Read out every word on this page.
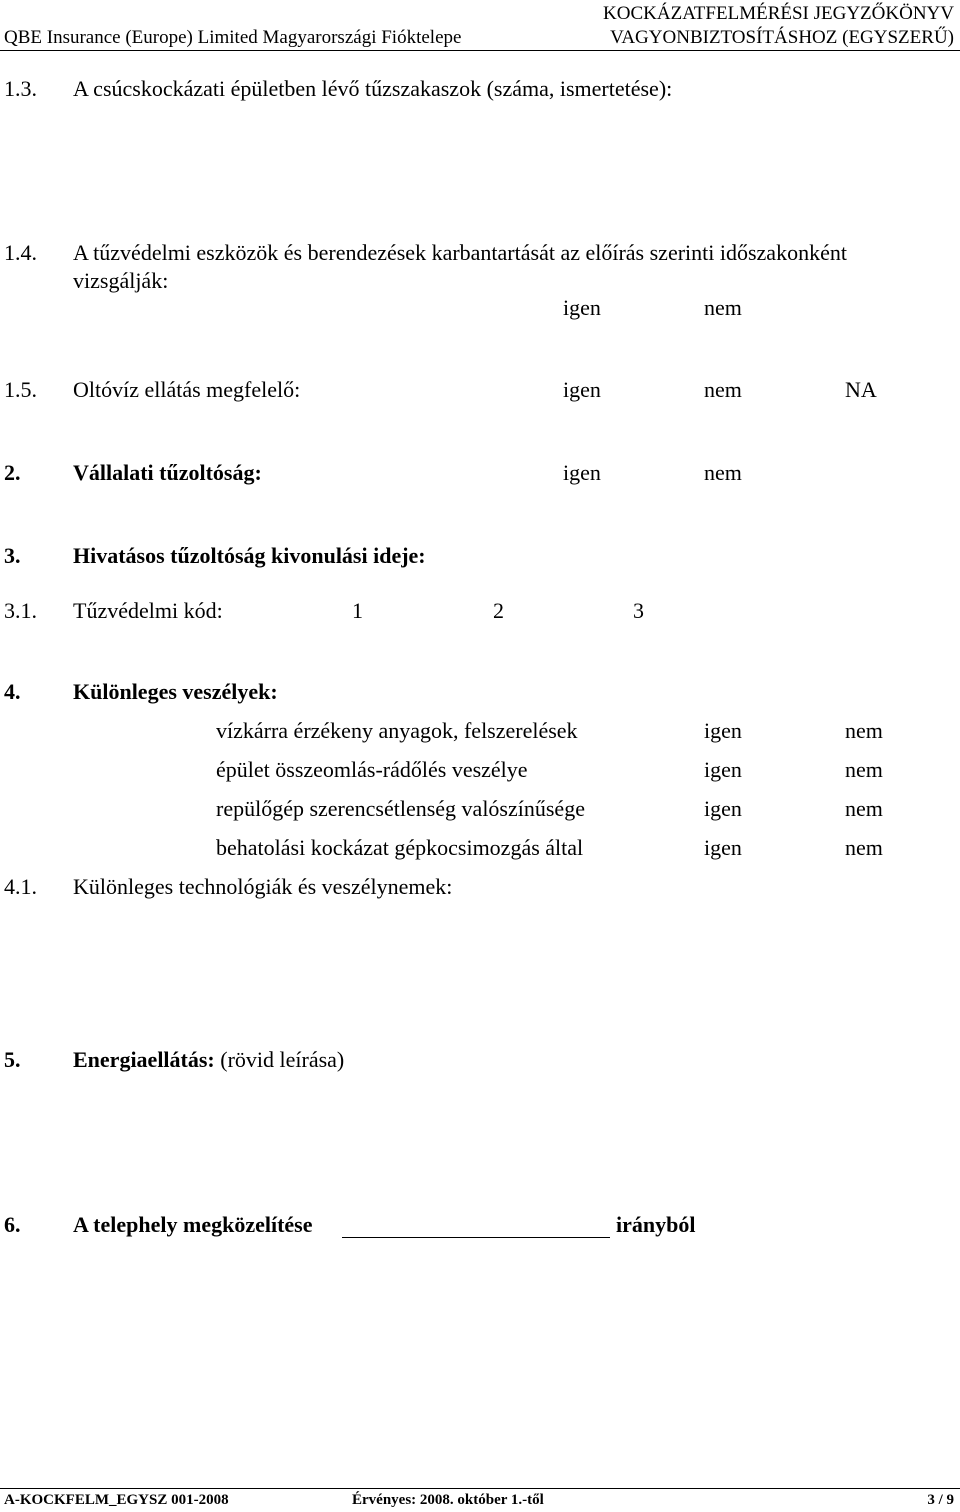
QBE Insurance (Europe) Limited Magyarországi Fióktelepe
KOCKÁZATFELMÉRÉSI JEGYZŐKÖNYV
VAGYONBIZTOSÍTÁSHOZ (EGYSZERŰ)
1.3. A csúcskockázati épületben lévő tűzszakaszok (száma, ismertetése):
1.4. A tűzvédelmi eszközök és berendezések karbantartását az előírás szerinti időszakonként
vizsgálják:
igen	nem
1.5. Oltóvíz ellátás megfelelő:	igen	nem	NA
2. Vállalati tűzoltóság:	igen	nem
3. Hivatásos tűzoltóság kivonulási ideje:
3.1. Tűzvédelmi kód:	1	2	3
4. Különleges veszélyek:
vízkárra érzékeny anyagok, felszerelések	igen	nem
épület összeomlás-rádőlés veszélye	igen	nem
repülőgép szerencsétlenség valószínűsége	igen	nem
behatolási kockázat gépkocsimozgás által	igen	nem
4.1. Különleges technológiák és veszélynemek:
5. Energiaellátás: (rövid leírása)
6. A telephely megközelítése	irányból
A-KOCKFELM_EGYSZ 001-2008	Érvényes: 2008. október 1.-től	3 / 9
